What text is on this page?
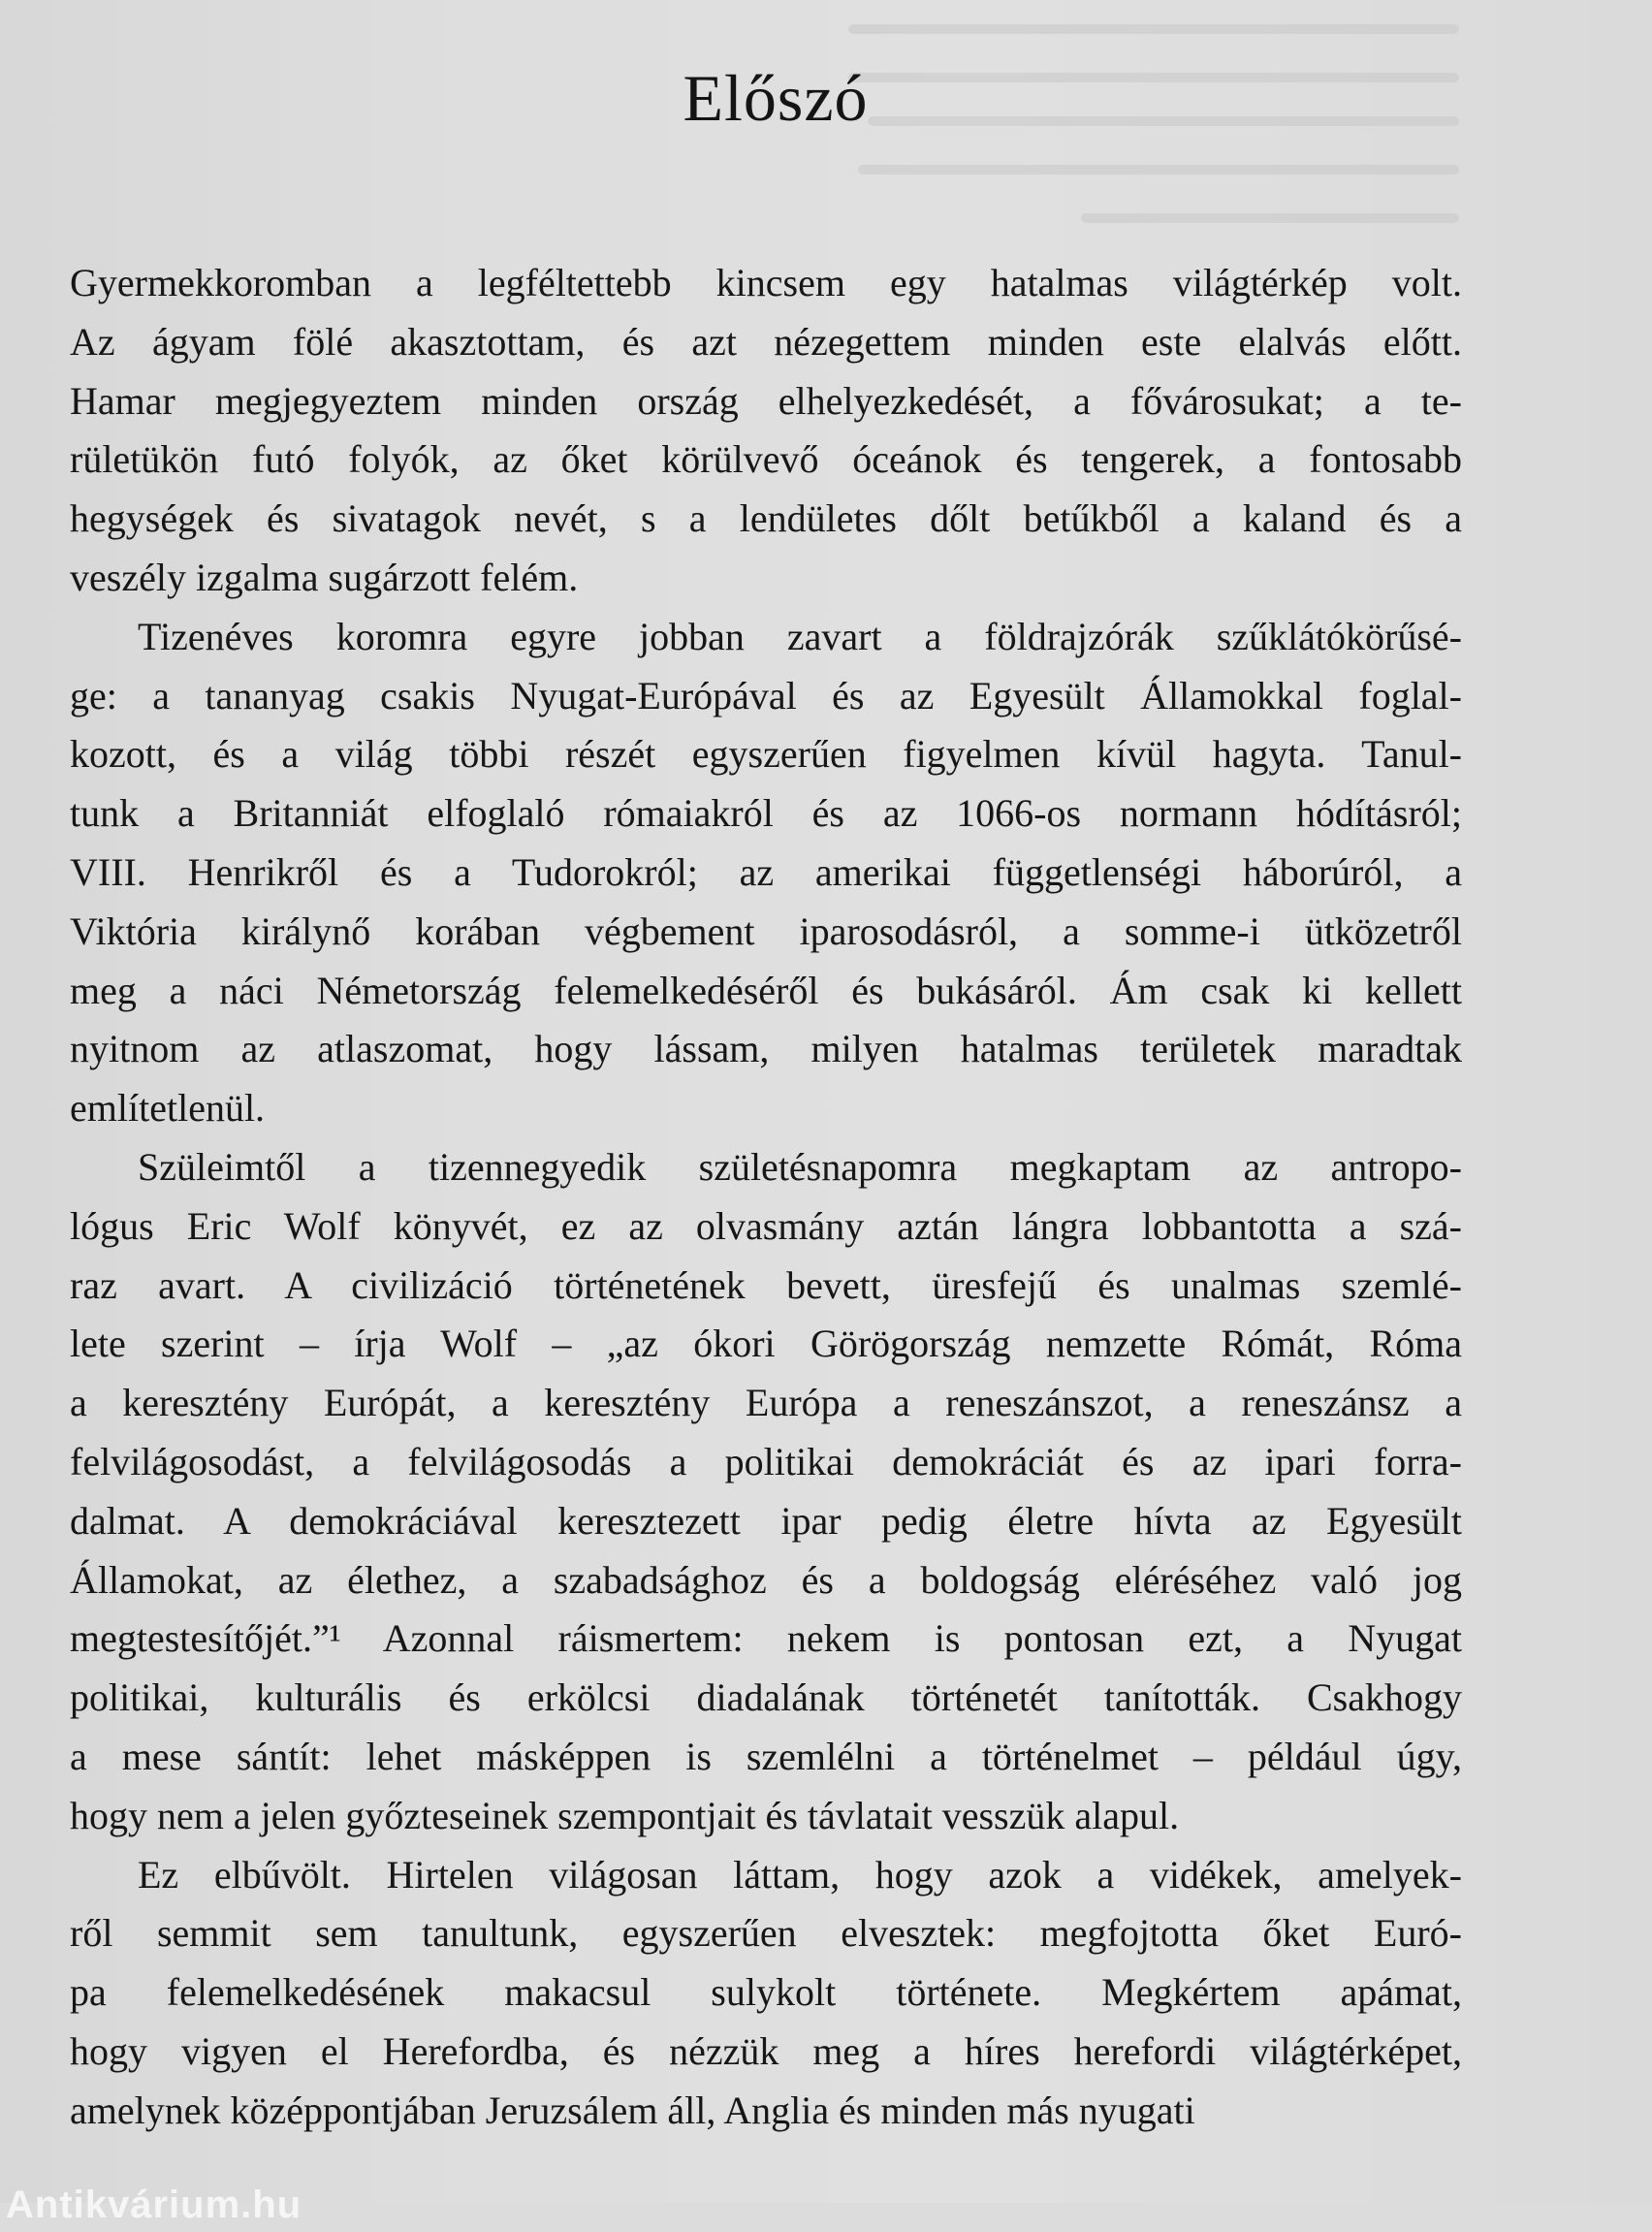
Előszó
Gyermekkoromban a legféltettebb kincsem egy hatalmas világtérkép volt.
Az ágyam fölé akasztottam, és azt nézegettem minden este elalvás előtt.
Hamar megjegyeztem minden ország elhelyezkedését, a fővárosukat; a te-
rületükön futó folyók, az őket körülvevő óceánok és tengerek, a fontosabb
hegységek és sivatagok nevét, s a lendületes dőlt betűkből a kaland és a
veszély izgalma sugárzott felém.
Tizenéves koromra egyre jobban zavart a földrajzórák szűklátókörűsé-
ge: a tananyag csakis Nyugat-Európával és az Egyesült Államokkal foglal-
kozott, és a világ többi részét egyszerűen figyelmen kívül hagyta. Tanul-
tunk a Britanniát elfoglaló rómaiakról és az 1066-os normann hódításról;
VIII. Henrikről és a Tudorokról; az amerikai függetlenségi háborúról, a
Viktória királynő korában végbement iparosodásról, a somme-i ütközetről
meg a náci Németország felemelkedéséről és bukásáról. Ám csak ki kellett
nyitnom az atlaszomat, hogy lássam, milyen hatalmas területek maradtak
említetlenül.
Szüleimtől a tizennegyedik születésnapomra megkaptam az antropo-
lógus Eric Wolf könyvét, ez az olvasmány aztán lángra lobbantotta a szá-
raz avart. A civilizáció történetének bevett, üresfejű és unalmas szemlé-
lete szerint – írja Wolf – „az ókori Görögország nemzette Rómát, Róma
a keresztény Európát, a keresztény Európa a reneszánszot, a reneszánsz a
felvilágosodást, a felvilágosodás a politikai demokráciát és az ipari forra-
dalmat. A demokráciával keresztezett ipar pedig életre hívta az Egyesült
Államokat, az élethez, a szabadsághoz és a boldogság eléréséhez való jog
megtestesítőjét.”¹ Azonnal ráismertem: nekem is pontosan ezt, a Nyugat
politikai, kulturális és erkölcsi diadalának történetét tanították. Csakhogy
a mese sántít: lehet másképpen is szemlélni a történelmet – például úgy,
hogy nem a jelen győzteseinek szempontjait és távlatait vesszük alapul.
Ez elbűvölt. Hirtelen világosan láttam, hogy azok a vidékek, amelyek-
ről semmit sem tanultunk, egyszerűen elvesztek: megfojtotta őket Euró-
pa felemelkedésének makacsul sulykolt története. Megkértem apámat,
hogy vigyen el Herefordba, és nézzük meg a híres herefordi világtérképet,
amelynek középpontjában Jeruzsálem áll, Anglia és minden más nyugati
Antikvárium.hu
